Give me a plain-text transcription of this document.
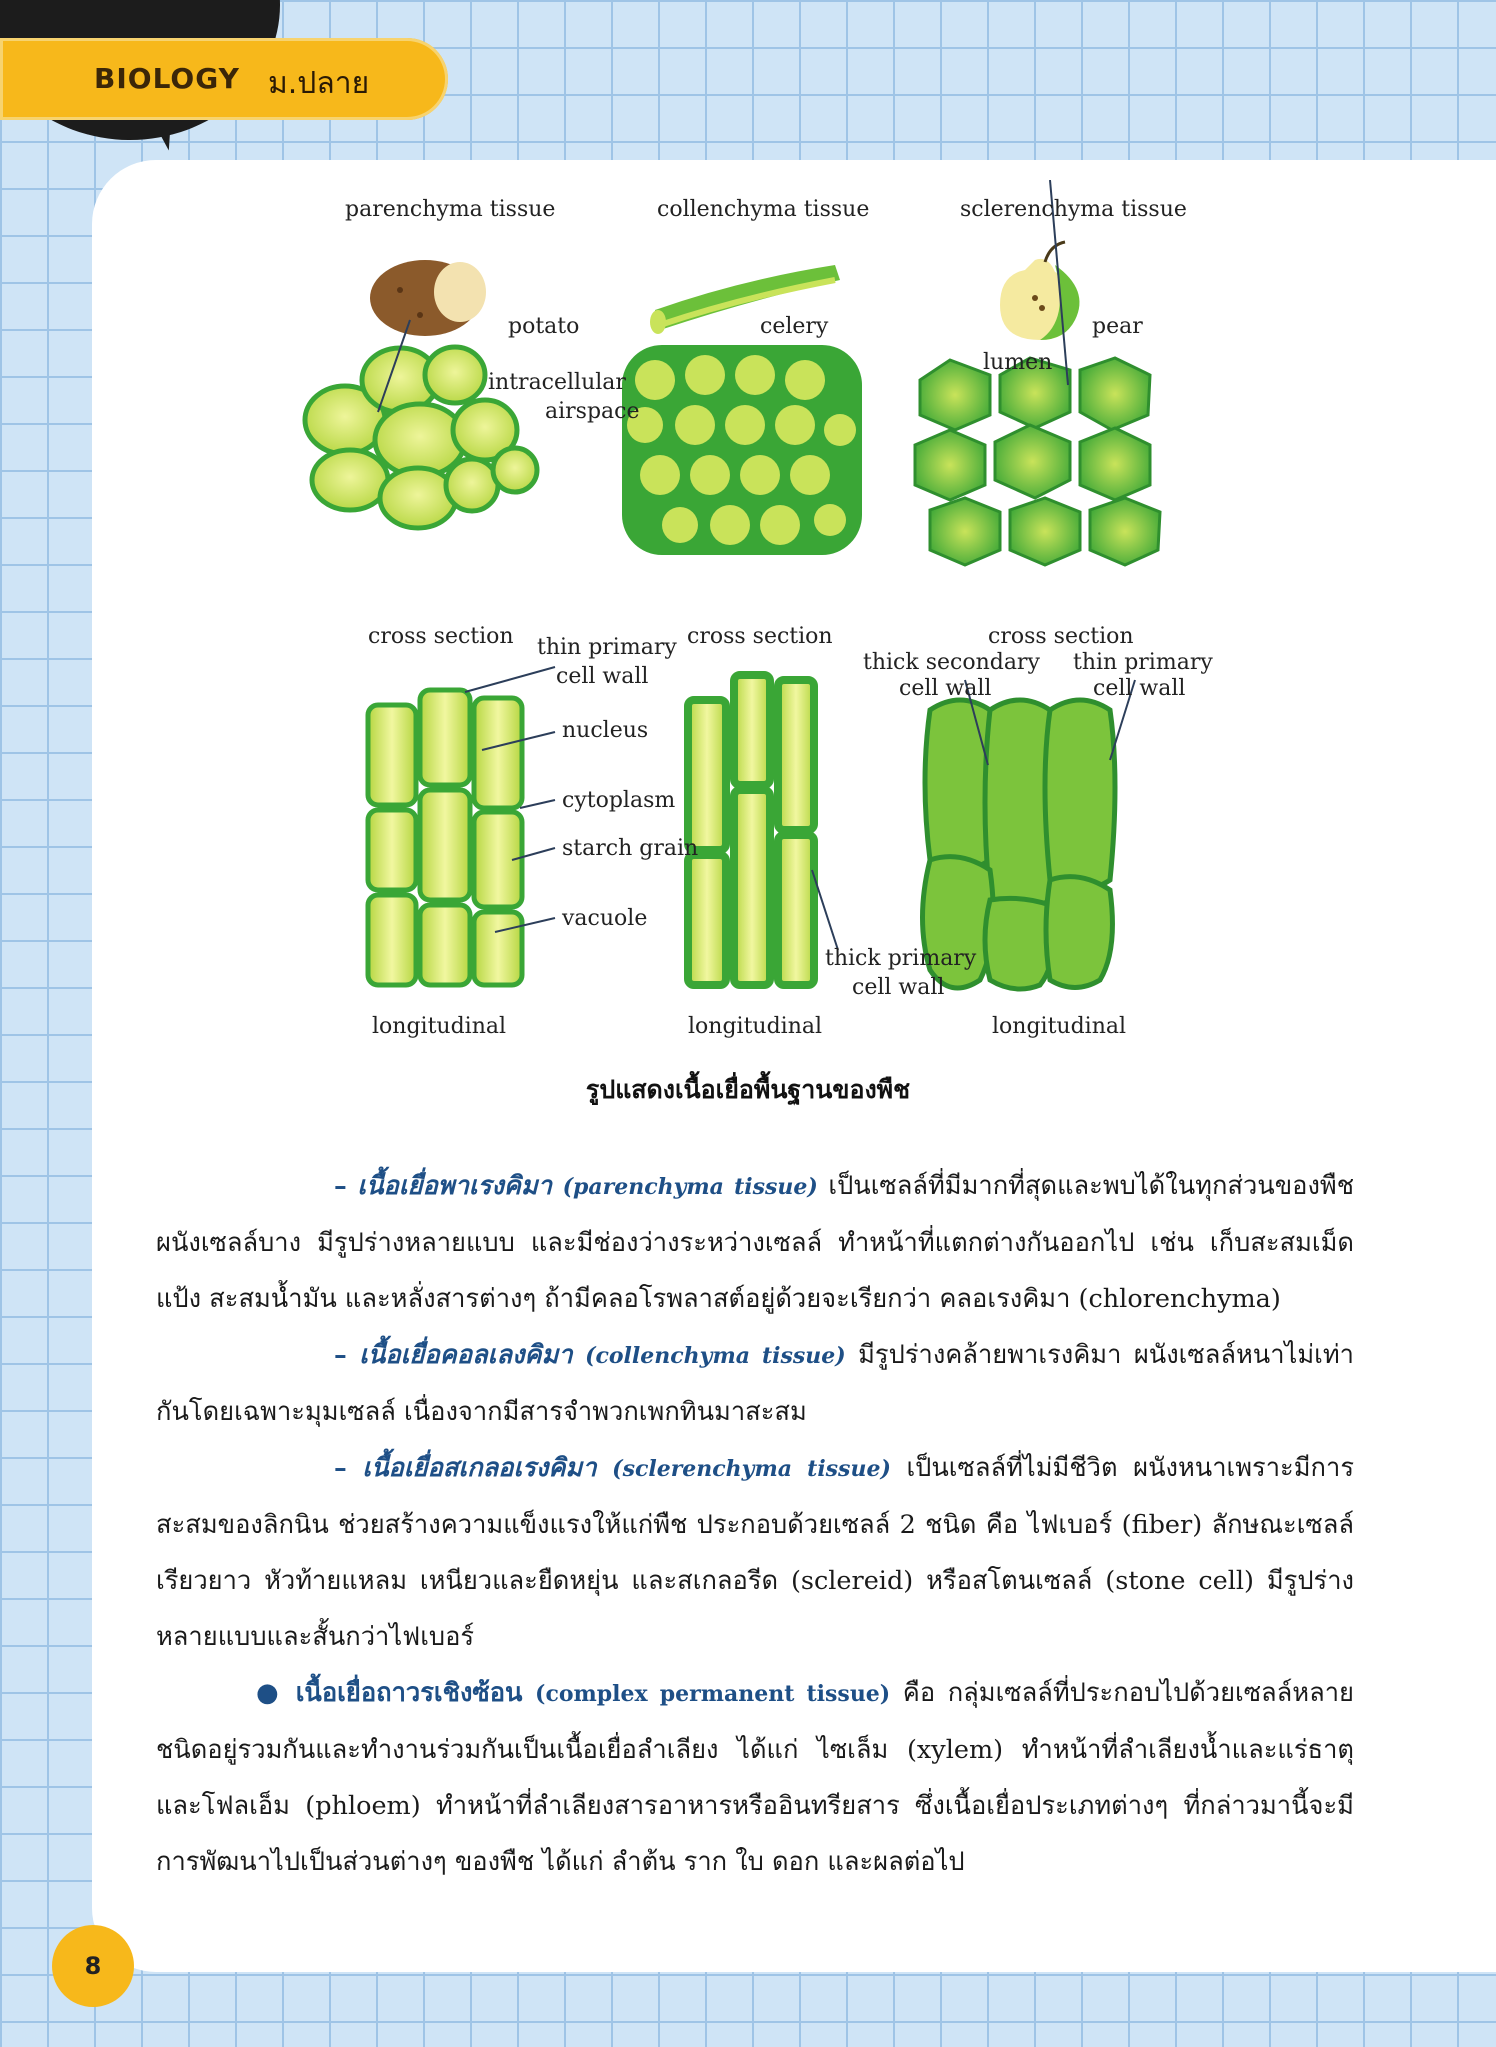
BIOLOGY ม.ปลาย
parenchyma tissue	collenchyma tissue	sclerenchyma tissue
potato	celery	pear
intracellular
airspace
lumen
cross section	cross section	cross section
thin primary
cell wall
thick secondary
cell wall
thin primary
cell wall
nucleus
cytoplasm
starch grain
vacuole
thick primary
cell wall
longitudinal	longitudinal	longitudinal
รูปแสดงเนื้อเยื่อพื้นฐานของพืช

– เนื้อเยื่อพาเรงคิมา (parenchyma tissue) เป็นเซลล์ที่มีมากที่สุดและพบได้ในทุกส่วนของพืช ผนังเซลล์บาง มีรูปร่างหลายแบบ และมีช่องว่างระหว่างเซลล์ ทำหน้าที่แตกต่างกันออกไป เช่น เก็บสะสมเม็ดแป้ง สะสมน้ำมัน และหลั่งสารต่างๆ ถ้ามีคลอโรพลาสต์อยู่ด้วยจะเรียกว่า คลอเรงคิมา (chlorenchyma)

– เนื้อเยื่อคอลเลงคิมา (collenchyma tissue) มีรูปร่างคล้ายพาเรงคิมา ผนังเซลล์หนาไม่เท่ากันโดยเฉพาะมุมเซลล์ เนื่องจากมีสารจำพวกเพกทินมาสะสม

– เนื้อเยื่อสเกลอเรงคิมา (sclerenchyma tissue) เป็นเซลล์ที่ไม่มีชีวิต ผนังหนาเพราะมีการสะสมของลิกนิน ช่วยสร้างความแข็งแรงให้แก่พืช ประกอบด้วยเซลล์ 2 ชนิด คือ ไฟเบอร์ (fiber) ลักษณะเซลล์เรียวยาว หัวท้ายแหลม เหนียวและยืดหยุ่น และสเกลอรีด (sclereid) หรือสโตนเซลล์ (stone cell) มีรูปร่างหลายแบบและสั้นกว่าไฟเบอร์

● เนื้อเยื่อถาวรเชิงซ้อน (complex permanent tissue) คือ กลุ่มเซลล์ที่ประกอบไปด้วยเซลล์หลายชนิดอยู่รวมกันและทำงานร่วมกันเป็นเนื้อเยื่อลำเลียง ได้แก่ ไซเล็ม (xylem) ทำหน้าที่ลำเลียงน้ำและแร่ธาตุ และโฟลเอ็ม (phloem) ทำหน้าที่ลำเลียงสารอาหารหรืออินทรียสาร ซึ่งเนื้อเยื่อประเภทต่างๆ ที่กล่าวมานี้จะมีการพัฒนาไปเป็นส่วนต่างๆ ของพืช ได้แก่ ลำต้น ราก ใบ ดอก และผลต่อไป

8
